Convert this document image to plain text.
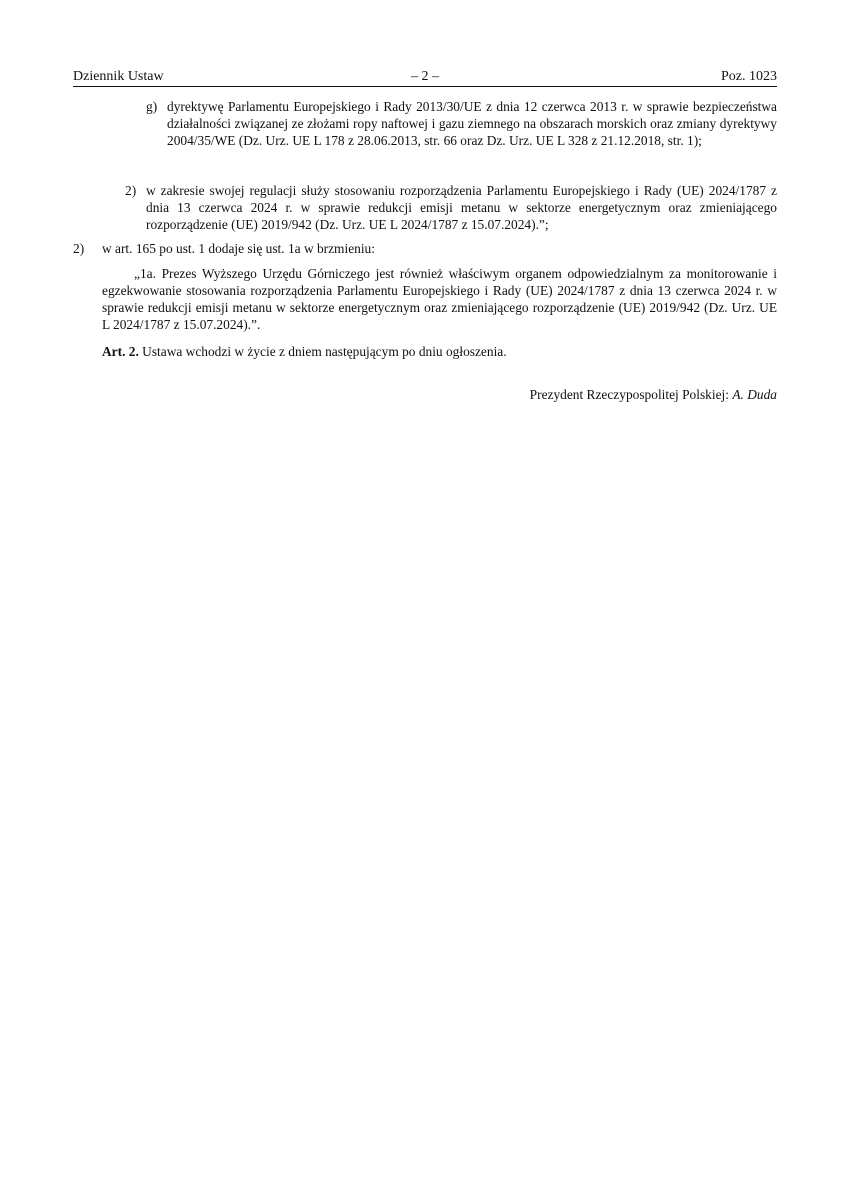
Dziennik Ustaw	– 2 –	Poz. 1023
g) dyrektywę Parlamentu Europejskiego i Rady 2013/30/UE z dnia 12 czerwca 2013 r. w sprawie bezpieczeństwa działalności związanej ze złożami ropy naftowej i gazu ziemnego na obszarach morskich oraz zmiany dyrektywy 2004/35/WE (Dz. Urz. UE L 178 z 28.06.2013, str. 66 oraz Dz. Urz. UE L 328 z 21.12.2018, str. 1);
2) w zakresie swojej regulacji służy stosowaniu rozporządzenia Parlamentu Europejskiego i Rady (UE) 2024/1787 z dnia 13 czerwca 2024 r. w sprawie redukcji emisji metanu w sektorze energetycznym oraz zmieniającego rozporządzenie (UE) 2019/942 (Dz. Urz. UE L 2024/1787 z 15.07.2024).”;
2) w art. 165 po ust. 1 dodaje się ust. 1a w brzmieniu:
„1a. Prezes Wyższego Urzędu Górniczego jest również właściwym organem odpowiedzialnym za monitorowanie i egzekwowanie stosowania rozporządzenia Parlamentu Europejskiego i Rady (UE) 2024/1787 z dnia 13 czerwca 2024 r. w sprawie redukcji emisji metanu w sektorze energetycznym oraz zmieniającego rozporządzenie (UE) 2019/942 (Dz. Urz. UE L 2024/1787 z 15.07.2024).”.
Art. 2. Ustawa wchodzi w życie z dniem następującym po dniu ogłoszenia.
Prezydent Rzeczypospolitej Polskiej: A. Duda
